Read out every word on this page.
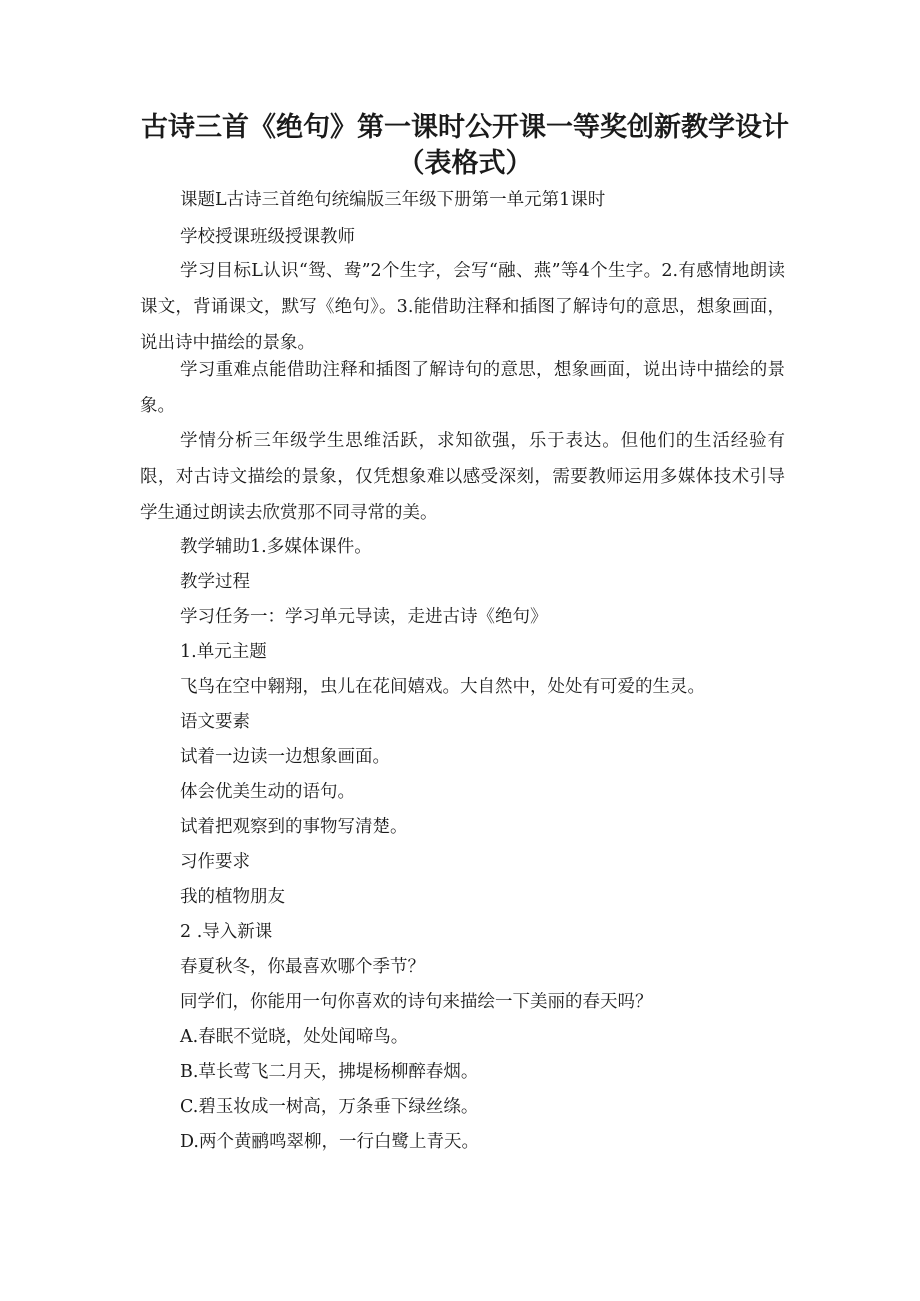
古诗三首《绝句》第一课时公开课一等奖创新教学设计
（表格式）
课题L古诗三首绝句统编版三年级下册第一单元第1课时
学校授课班级授课教师
学习目标L认识“鸳、鸯”2个生字，会写“融、燕”等4个生字。2.有感情地朗读课文，背诵课文，默写《绝句》。3.能借助注释和插图了解诗句的意思，想象画面，说出诗中描绘的景象。
学习重难点能借助注释和插图了解诗句的意思，想象画面，说出诗中描绘的景象。
学情分析三年级学生思维活跃，求知欲强，乐于表达。但他们的生活经验有限，对古诗文描绘的景象，仅凭想象难以感受深刻，需要教师运用多媒体技术引导学生通过朗读去欣赏那不同寻常的美。
教学辅助1.多媒体课件。
教学过程
学习任务一：学习单元导读，走进古诗《绝句》
1.单元主题
飞鸟在空中翱翔，虫儿在花间嬉戏。大自然中，处处有可爱的生灵。
语文要素
试着一边读一边想象画面。
体会优美生动的语句。
试着把观察到的事物写清楚。
习作要求
我的植物朋友
2 .导入新课
春夏秋冬，你最喜欢哪个季节？
同学们，你能用一句你喜欢的诗句来描绘一下美丽的春天吗？
A.春眠不觉晓，处处闻啼鸟。
B.草长莺飞二月天，拂堤杨柳醉春烟。
C.碧玉妆成一树高，万条垂下绿丝绦。
D.两个黄鹂鸣翠柳，一行白鹭上青天。
